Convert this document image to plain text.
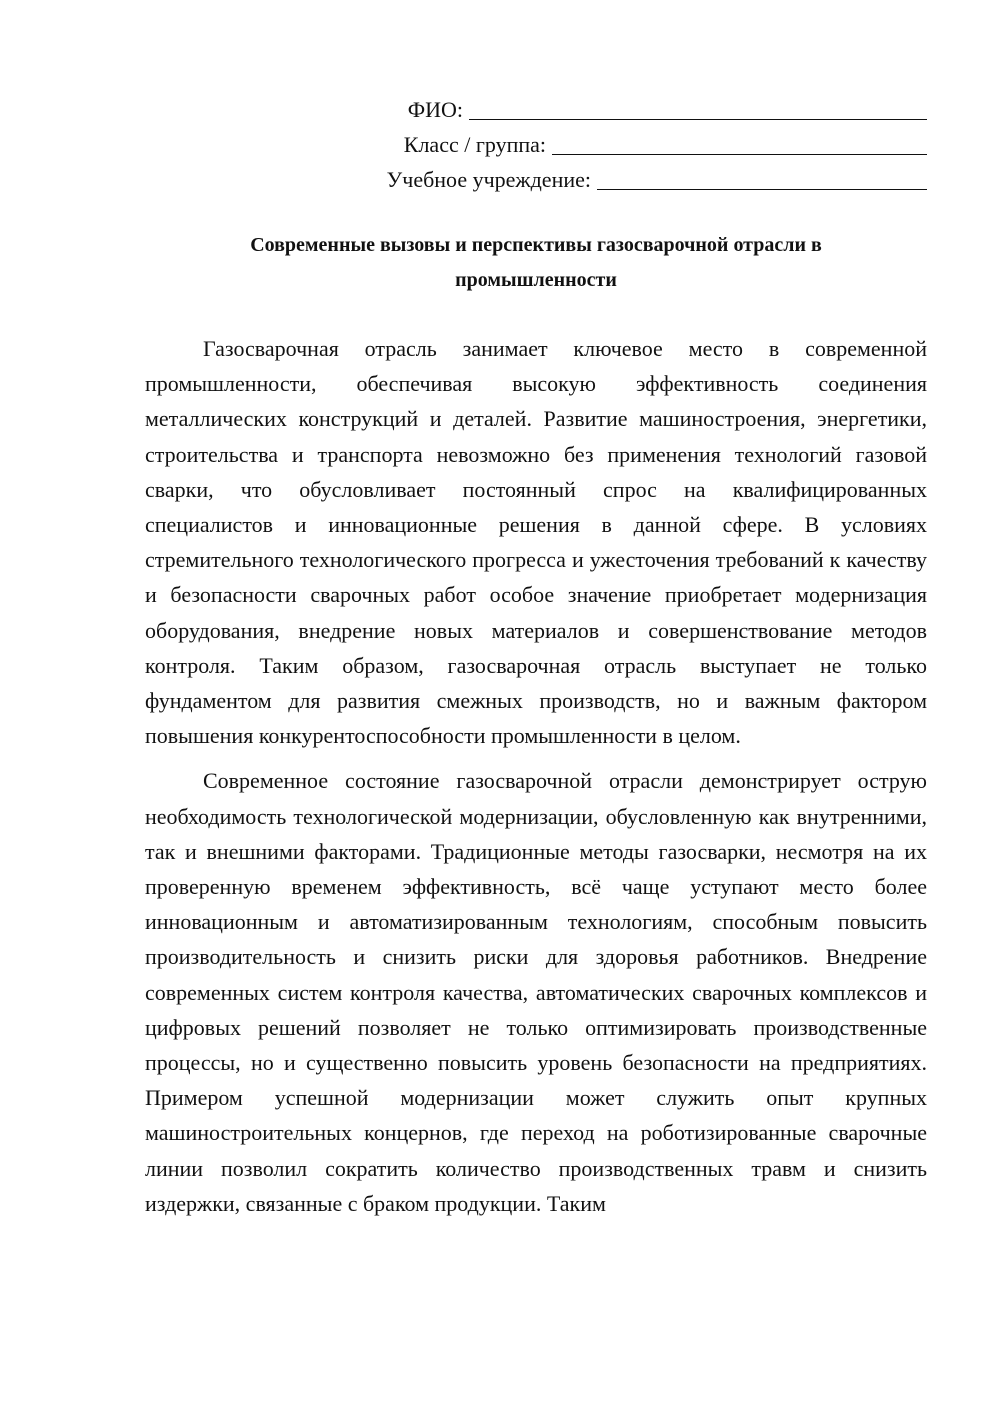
ФИО:
Класс / группа:
Учебное учреждение:
Современные вызовы и перспективы газосварочной отрасли в
промышленности

Газосварочная отрасль занимает ключевое место в современной промышленности, обеспечивая высокую эффективность соединения металлических конструкций и деталей. Развитие машиностроения, энергетики, строительства и транспорта невозможно без применения технологий газовой сварки, что обусловливает постоянный спрос на квалифицированных специалистов и инновационные решения в данной сфере. В условиях стремительного технологического прогресса и ужесточения требований к качеству и безопасности сварочных работ особое значение приобретает модернизация оборудования, внедрение новых материалов и совершенствование методов контроля. Таким образом, газосварочная отрасль выступает не только фундаментом для развития смежных производств, но и важным фактором повышения конкурентоспособности промышленности в целом.

Современное состояние газосварочной отрасли демонстрирует острую необходимость технологической модернизации, обусловленную как внутренними, так и внешними факторами. Традиционные методы газосварки, несмотря на их проверенную временем эффективность, всё чаще уступают место более инновационным и автоматизированным технологиям, способным повысить производительность и снизить риски для здоровья работников. Внедрение современных систем контроля качества, автоматических сварочных комплексов и цифровых решений позволяет не только оптимизировать производственные процессы, но и существенно повысить уровень безопасности на предприятиях. Примером успешной модернизации может служить опыт крупных машиностроительных концернов, где переход на роботизированные сварочные линии позволил сократить количество производственных травм и снизить издержки, связанные с браком продукции. Таким
